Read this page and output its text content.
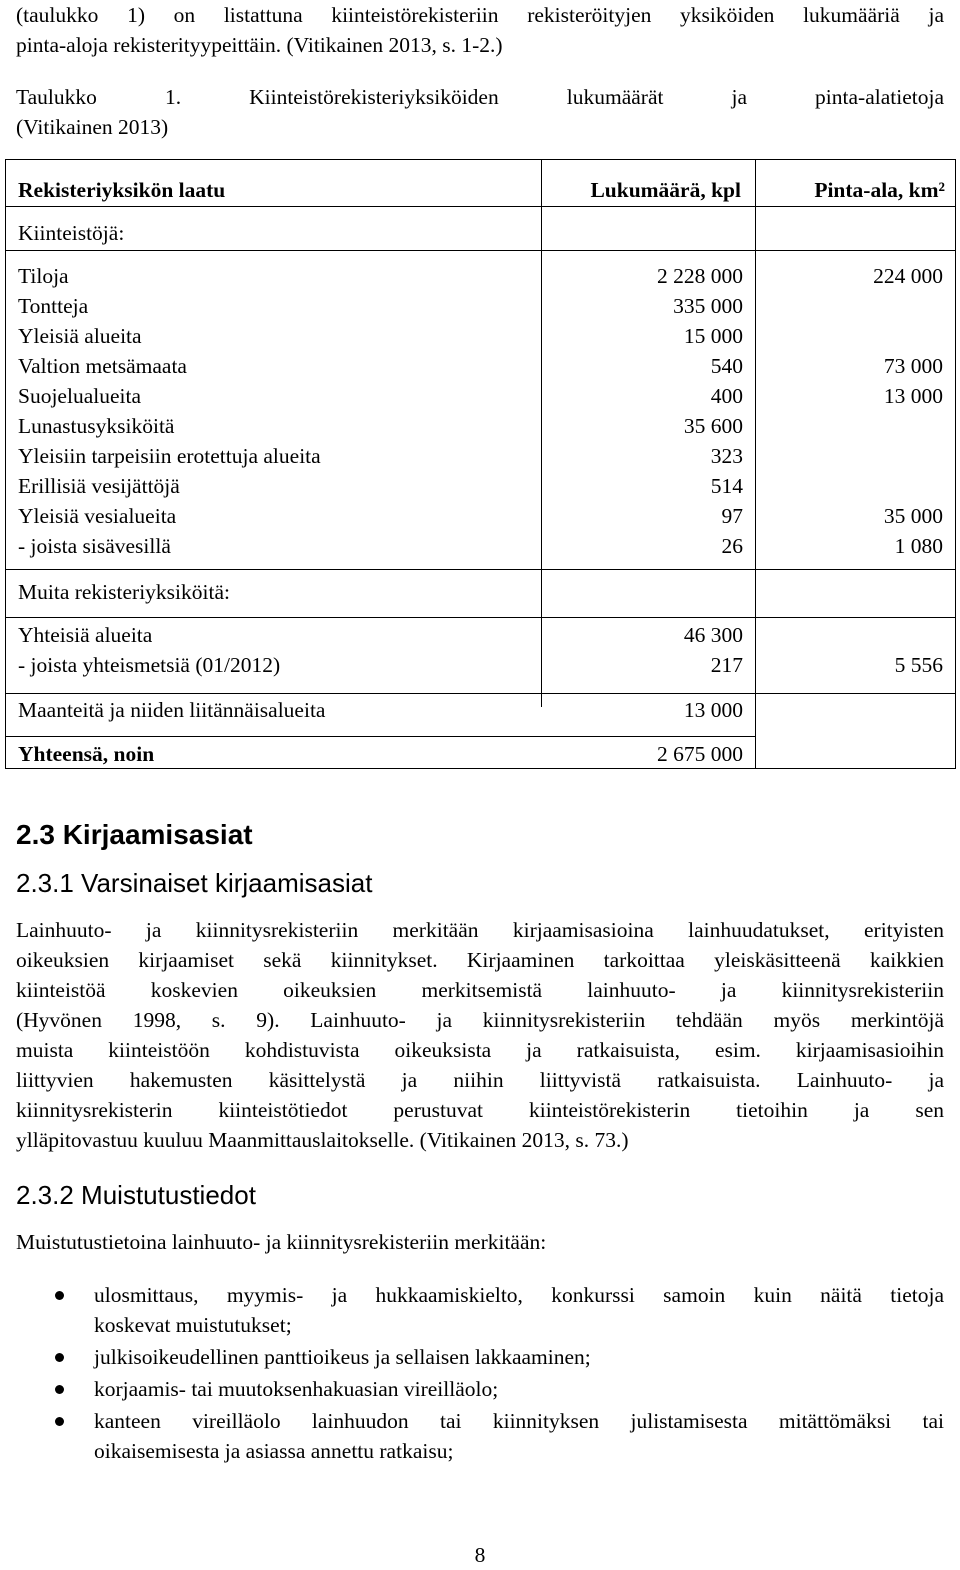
(taulukko 1) on listattuna kiinteistörekisteriin rekisteröityjen yksiköiden lukumääriä ja
pinta-aloja rekisterityypeittäin. (Vitikainen 2013, s. 1-2.)
Taulukko 1. Kiinteistörekisteriyksiköiden lukumäärät ja pinta-alatietoja
(Vitikainen 2013)
Rekisteriyksikön laatu	Lukumäärä, kpl	Pinta-ala, km²
Kiinteistöjä:
Tiloja	2 228 000	224 000
Tontteja	335 000
Yleisiä alueita	15 000
Valtion metsämaata	540	73 000
Suojelualueita	400	13 000
Lunastusyksiköitä	35 600
Yleisiin tarpeisiin erotettuja alueita	323
Erillisiä vesijättöjä	514
Yleisiä vesialueita	97	35 000
- joista sisävesillä	26	1 080
Muita rekisteriyksiköitä:
Yhteisiä alueita	46 300
- joista yhteismetsiä (01/2012)	217	5 556
Maanteitä ja niiden liitännäisalueita	13 000
Yhteensä, noin	2 675 000
2.3 Kirjaamisasiat
2.3.1 Varsinaiset kirjaamisasiat
Lainhuuto- ja kiinnitysrekisteriin merkitään kirjaamisasioina lainhuudatukset, erityisten
oikeuksien kirjaamiset sekä kiinnitykset. Kirjaaminen tarkoittaa yleiskäsitteenä kaikkien
kiinteistöä koskevien oikeuksien merkitsemistä lainhuuto- ja kiinnitysrekisteriin
(Hyvönen 1998, s. 9). Lainhuuto- ja kiinnitysrekisteriin tehdään myös merkintöjä
muista kiinteistöön kohdistuvista oikeuksista ja ratkaisuista, esim. kirjaamisasioihin
liittyvien hakemusten käsittelystä ja niihin liittyvistä ratkaisuista. Lainhuuto- ja
kiinnitysrekisterin kiinteistötiedot perustuvat kiinteistörekisterin tietoihin ja sen
ylläpitovastuu kuuluu Maanmittauslaitokselle. (Vitikainen 2013, s. 73.)
2.3.2 Muistutustiedot
Muistutustietoina lainhuuto- ja kiinnitysrekisteriin merkitään:
ulosmittaus, myymis- ja hukkaamiskielto, konkurssi samoin kuin näitä tietoja
koskevat muistutukset;
julkisoikeudellinen panttioikeus ja sellaisen lakkaaminen;
korjaamis- tai muutoksenhakuasian vireilläolo;
kanteen vireilläolo lainhuudon tai kiinnityksen julistamisesta mitättömäksi tai
oikaisemisesta ja asiassa annettu ratkaisu;
8
